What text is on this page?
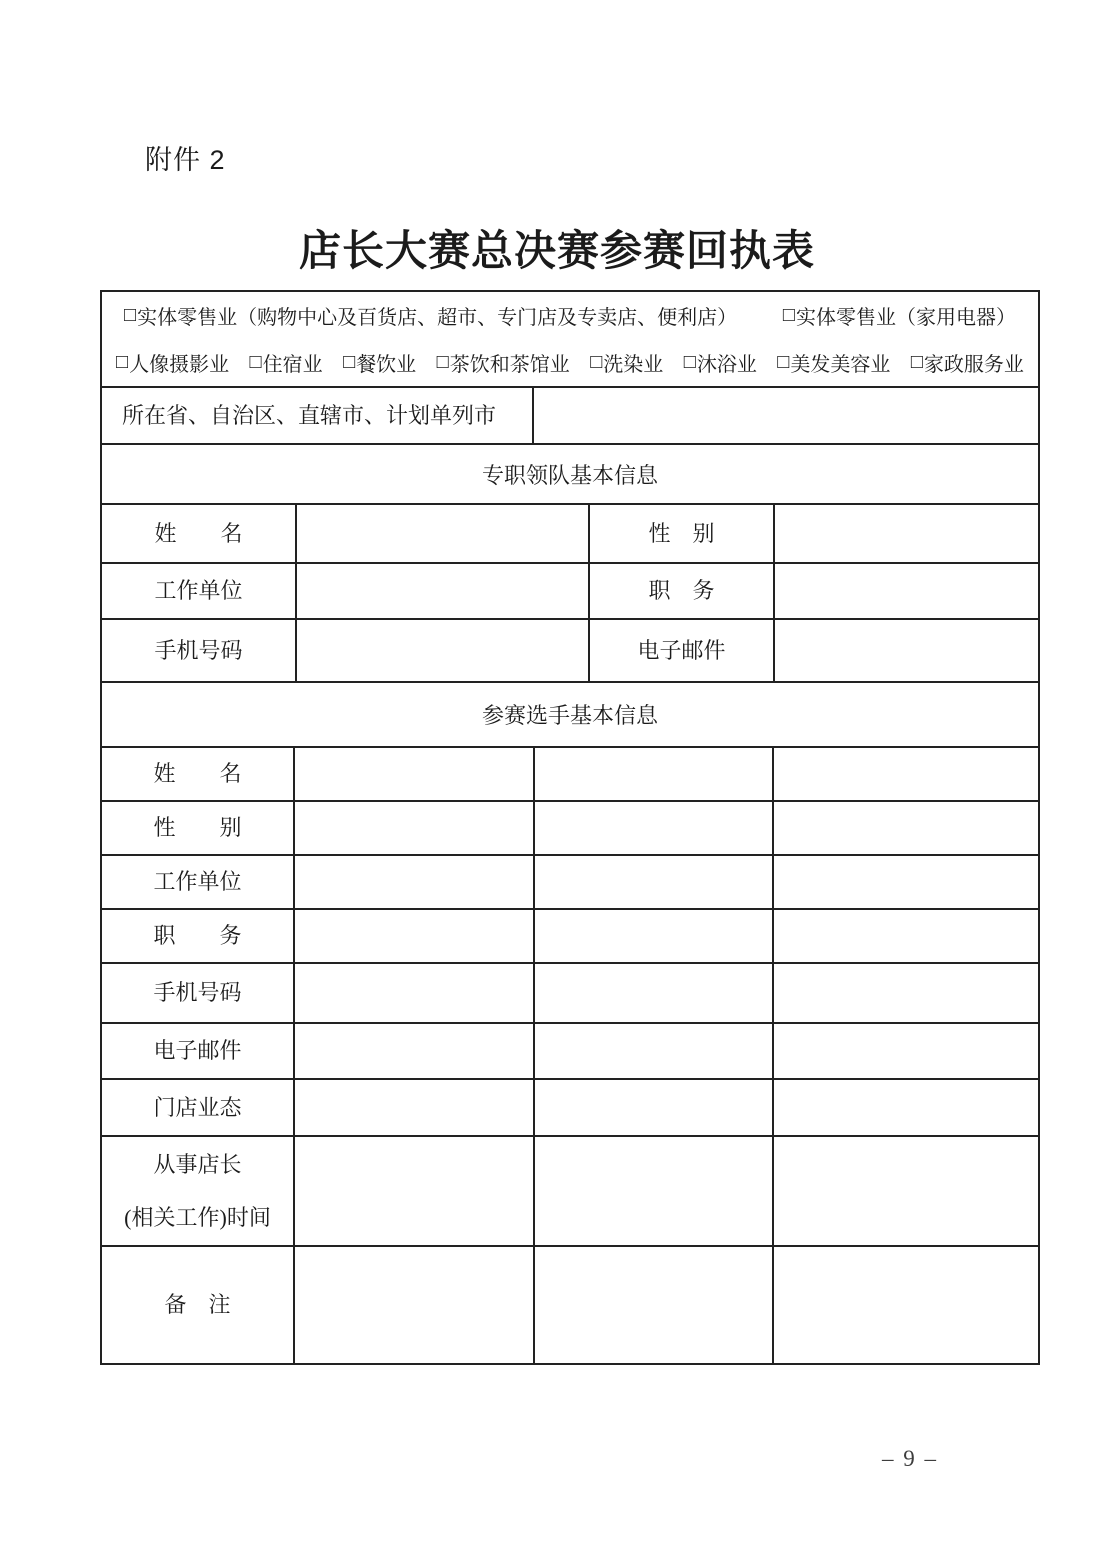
附件 2
店长大赛总决赛参赛回执表
□ 实体零售业（购物中心及百货店、超市、专门店及专卖店、便利店） □ 实体零售业（家用电器）
□ 人像摄影业 □ 住宿业 □ 餐饮业 □ 茶饮和茶馆业 □ 洗染业 □ 沐浴业 □ 美发美容业 □ 家政服务业
所在省、自治区、直辖市、计划单列市
专职领队基本信息
姓　　名	性　别
工作单位	职　务
手机号码	电子邮件
参赛选手基本信息
姓　　名
性　　别
工作单位
职　　务
手机号码
电子邮件
门店业态
从事店长
(相关工作)时间
备　注
– 9 –
